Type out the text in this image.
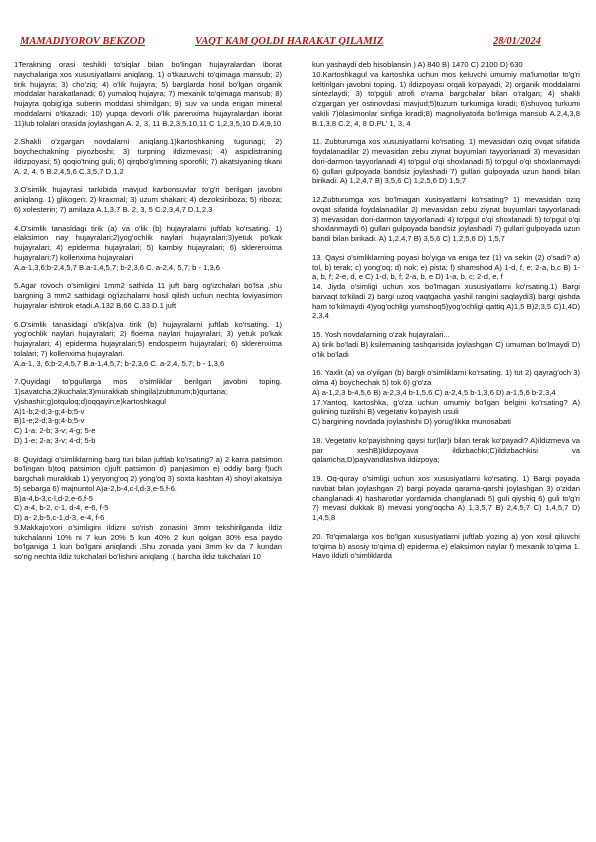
MAMADIYOROV BEKZOD	VAQT KAM QOLDI HARAKAT QILAMIZ	28/01/2024

1Terakning orasi teshikli to'siqlar bilan bo'lingan hujayralardan iborat naychalariga xos xususiyatlarni aniqlang. 1) o'tkazuvchi to'qimaga mansub; 2) tirik hujayra; 3) cho'ziq; 4) o'lik hujayra; 5) barglarda hosil bo'lgan organik moddalar harakatlanadi; 6) yumaloq hujayra; 7) mexanik to'qimaga mansub; 8) hujayra qobig'iga suberin moddasi shimilgan; 9) suv va unda erigan mineral moddalarni o'tkazadi; 10) yupqa devorli o'lik parenxima hujayralardan iborat 11)lub tolalari orasida joylashgan A. 2, 3, 11 B.2,3,5,10,11 C 1,2,3,5,10 D.4,9,10

2.Shakli o'zgargan novdalarni aniqlang.1)kartoshkaning tugunagi; 2) boychechakning piyozboshi; 3) turpning ildizmevasi; 4) aspidistraning ildizpoyasi; 5) qoqio'tning guli; 6) qirqbo'g'imning sporofili; 7) akatsiyaning tikani A. 2, 4, 5 B.2,4,5,6 C.3,5,7 D.1,2

3.O'simlik hujayrasi tarkibida mavjud karbonsuvlar to'g'ri berilgan javobni aniqlang. 1) glikogen; 2) kraxmal; 3) uzum shakari; 4) dezoksiriboza; 5) riboza; 6) xolesterin; 7) amilaza A.1,3,7 B. 2, 3, 5 C.2,3,4,7 D.1,2,3

4.O'simlik tanasidagi tirik (a) va o'lik (b) hujayralarni juftlab ko'rsating. 1) elaksimon nay hujayralari;2)yog'ochlik naylari hujayralari;3)yetuk po'kak hujayralari; 4) epiderma hujayralari; 5) kambiy hujayralari; 6) sklerenxima hujayralari;7) kollenxima hujayralari
A.a-1,3,6;b-2,4,5,7 B.a-1,4,5,7; b-2,3,6 C. a-2,4, 5,7; b - 1,3,6

5.Agar rovoch o'simligini 1mm2 sathida 11 juft barg og'izchalari bo'lsa ,shu bargning 3 mm2 sathidagi og'izchalarni hosil qilish uchun nechta loviyasimon hujayralar ishtirok etadi.A.132 B.66 C.33 D.1 juft

6.O'simlik tanasidagi o'lik(a)va tirik (b) hujayralarni juftlab ko'rsating. 1) yog'ochlik naylari hujayralari; 2) floema naylari hujayralari; 3) yetuk po'kak hujayralari; 4) epiderma hujayralari;5) endosperm hujayralari; 6) sklerenxima tolalari; 7) kollenxima hujayralari.
A.a-1, 3, 6;b-2,4,5,7 B.a-1,4,5,7; b-2,3,6 C. a-2,4, 5,7; b - 1,3,6

7.Quyidagi to'pgullarga mos o'simliklar berilgan javobni toping. 1)savatcha;2)kuchala;3)murakkab shingila)zubturum;b)qurtana;
v)shashir;g)otquloq;d)oqqayin;e)kartoshkagul
A)1-b;2-d;3-g;4-b;5-v
B)1-e;2-d;3-g;4-b;5-v
C) 1-a: 2-b; 3-v; 4-g; 5-e
D) 1-e; 2-a; 3-v; 4-d; 5-b

8. Quyidagi o'simliklarning barg turi bilan juftlab ko'rsating? a) 2 karra patsimon bo'lingan b)toq patsimon c)juft patsimon d) panjasimon e) oddiy barg f)uch bargchali murakkab 1) yeryong'oq 2) yong'oq 3) soxta kashtan 4) shoyi akatsiya 5) sebarga 6) majnuntol A)a-2,b-4,c-l,d-3,e-5,f-6.
B)a-4,b-3,c-l,d-2,e-6,f-5
C) a-4, b-2, c-1, d-4, e-6, f-5
D) a- 2,b-5,c-1,d-3, e-4, f-6
9.Makkajo'xori o'simligini ildizni so'rish zonasini 3mm tekshirilganda ildiz tukchalarini 10% ni 7 kun 20% 5 kun 40% 2 kun qolgan 30% esa paydo bo'lganiga 1 kun bo'lgani aniqlandi .Shu zonada yani 3mm kv da 7 kundan so'ng nechta ildiz tukchalari bo'lishini aniqlang .( barcha ildiz tukchalari 10

kun yashaydi deb hisoblansin ) A) 840 B) 1470 C) 2100 D) 630
10.Kartoshkagul va kartoshka uchun mos keluvchi umumiy ma'lumotlar to'g'ri keltirilgan javobni toping. 1) ildizpoyasi orqali ko'payadi; 2) organik moddalarni sintezlaydi; 3) to'pguli atrofi o'rama bargchalar bilan o'ralgan; 4) shakli o'zgargan yer ostinovdasi mavjud;5)tuzum turkumiga kiradi; 6)shuvoq turkumi vakili 7)olasimonlar sinfiga kiradi;8) magnoliyatoifa bo'limiga mansub A.2,4,3,8 B.1,3,8 C.2, 4, 8 D.PL' 1, 3, 4

11. Zubturumga xos xususiyatlarni ko'rsating. 1) mevasidan oziq ovqat sifatida foydalanadilar 2) mevasidan zebu ziynat buyumlari tayyorlanadi 3) mevasidan dori-darmon tayyorlanadi 4) to'pgul o'qi shoxlanadi 5) to'pgul o'qi shoxlanmaydi 6) gullari gulpoyada bandsiz joylashadi 7) gullari gulpoyada uzun bandi bilan birikadi. A) 1,2,4,7 B) 3,5,6 C) 1,2,5,6 D) 1,5,7

12.Zubturumga xos bo'lmagan xusisyatlarni ko'rsating? 1) mevasidan oziq ovqat sifatida foydalanadilar 2) mevasidan zebu ziynat buyumlari tayyorlanadi 3) mevasidan dori-darmon tayyorlanadi 4) to'pgul o'qi shoxlanadi 5) to'pgul o'qi shoxlanmaydi 6) gullari gulpoyada bandsiz joylashadi 7) gullari gulpoyada uzun bandi bilan birikadi. A) 1,2,4,7 B) 3,5,6 C) 1,2,5,6 D) 1,5,7

13. Qaysi o'simliklarning poyasi bo'yiga va eniga tez (1) va sekin (2) o'sadi? a) tol, b) terak; c) yong'oq; d) nok; e) pista; f) shamshod A) 1-d, f, e; 2-a, b,c B) 1-a, b, f; 2-e, d, e C) 1-d, b, f; 2-a, b, e D) 1-a, b, c; 2-d, e, f
14. Jiyda o'simligi uchun xos bo'lmagan xususiyatlarni ko'rsating.1) Bargi barvaqt to'kiladi 2) bargi uzoq vaqtgacha yashil rangini saqlaydi3) bargi qishda ham to'kilmaydi 4)yog'ochligi yumshoq5)yog'ochligi qattiq A)1,5 B)2,3,5 C)1,4D) 2,3,4

15. Yosh novdalarning o'zak hujayralari...
A) tirik bo'ladi B) ksilemaning tashqarisida joylashgan C) umuman bo'lmaydi D) o'lik bo'ladi

16. Yaxlit (a) va o'yilgan (b) bargli o'simliklarni ko'rsating. 1) tut 2) qayrag'och 3) olma 4) boychechak 5) tok 6) g'o'za
A) a-1,2,3 b-4,5,6 B) a-2,3,4 b-1,5,6 C) a-2,4,5 b-1,3,6 D) a-1,5,6 b-2,3,4
17.Yantoq, kartoshka, g'o'za uchun umumiy bo'lgan belgini ko'rsating? A) gulining tuzilishi B) vegetativ ko'payish usuli
C) bargining novdada joylashishi D) yorug'likka munosabati

18. Vegetativ ko'payishning qaysi tur(lar)i bilan terak ko'payadi? A)ildizmeva va par xeshB)ildizpoyava ildizbachki;C)ildizbachkisi va qalamcha;D)payvandlashva ildizpoya;

19. Oq-quray o'simligi uchun xos xususiyatlarni ko'rsating. 1) Bargi poyada navbat bilan joylashgan 2) bargi poyada qarama-qarshi joylashgan 3) o'zidan changlanadi 4) hasharotlar yordamida changlanadi 5) guli qiyshiq 6) guli to'g'ri 7) mevasi dukkak 8) mevasi yong'oqcha A) 1,3,5,7 B) 2,4,5,7 C) 1,4,5,7 D) 1,4,5,8

20. To'qimalarga xos bo'lgan xususiyatlarni juftlab yozing a) yon xosil qiluvchi to'qima b) asosiy to'qima d) epiderma e) elaksimon naylar f) mexanik to'qima 1. Havo ildizli o'simliklarda
